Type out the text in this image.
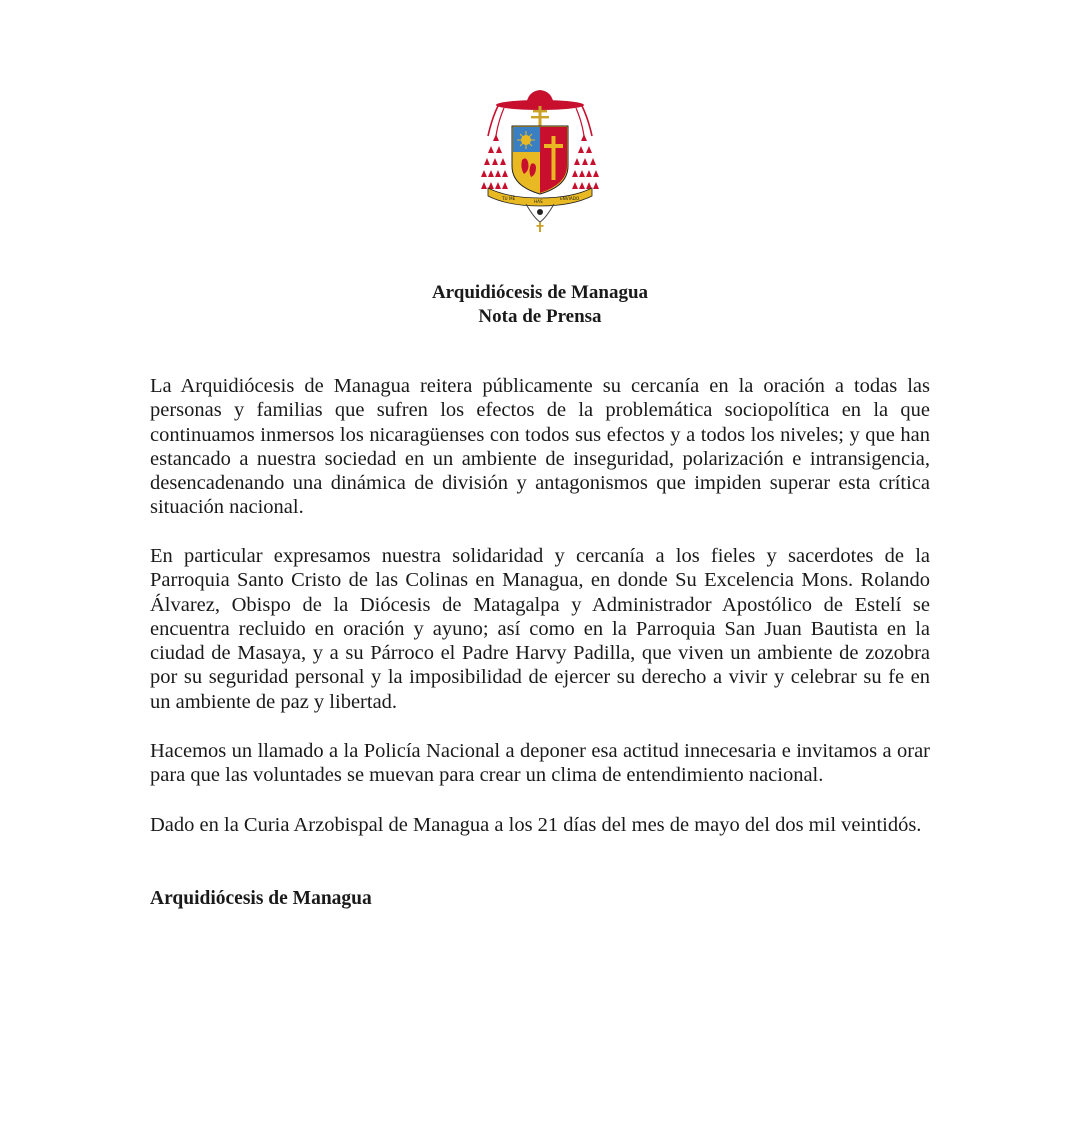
TU ME
HAS
ENVIADO
Arquidiócesis de Managua
Nota de Prensa

La Arquidiócesis de Managua reitera públicamente su cercanía en la oración a todas las personas y familias que sufren los efectos de la problemática sociopolítica en la que continuamos inmersos los nicaragüenses con todos sus efectos y a todos los niveles; y que han estancado a nuestra sociedad en un ambiente de inseguridad, polarización e intransigencia, desencadenando una dinámica de división y antagonismos que impiden superar esta crítica situación nacional.

En particular expresamos nuestra solidaridad y cercanía a los fieles y sacerdotes de la Parroquia Santo Cristo de las Colinas en Managua, en donde Su Excelencia Mons. Rolando Álvarez, Obispo de la Diócesis de Matagalpa y Administrador Apostólico de Estelí se encuentra recluido en oración y ayuno; así como en la Parroquia San Juan Bautista en la ciudad de Masaya, y a su Párroco el Padre Harvy Padilla, que viven un ambiente de zozobra por su seguridad personal y la imposibilidad de ejercer su derecho a vivir y celebrar su fe en un ambiente de paz y libertad.

Hacemos un llamado a la Policía Nacional a deponer esa actitud innecesaria e invitamos a orar para que las voluntades se muevan para crear un clima de entendimiento nacional.

Dado en la Curia Arzobispal de Managua a los 21 días del mes de mayo del dos mil veintidós.

Arquidiócesis de Managua
